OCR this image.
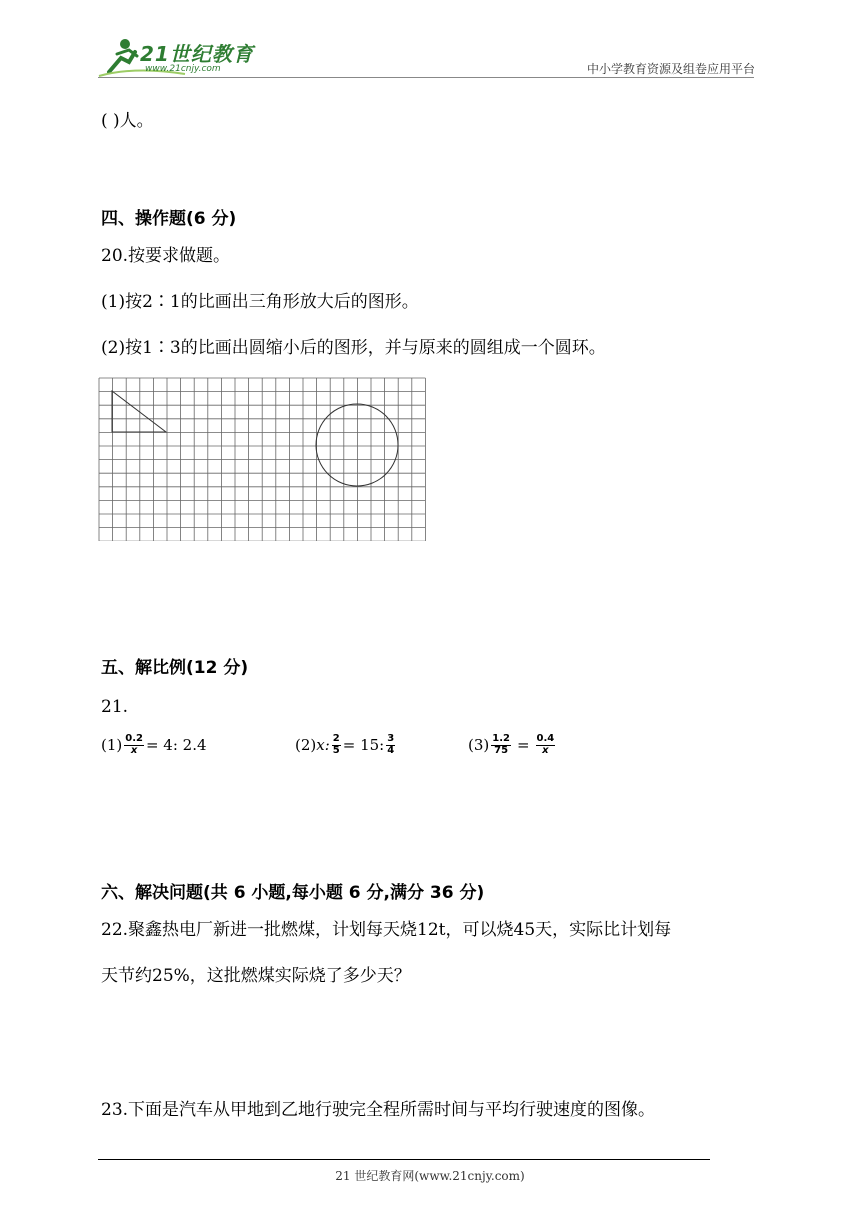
21世纪教育
www.21cnjy.com	中小学教育资源及组卷应用平台
( )人。
四、操作题(6 分)
20.按要求做题。
(1)按2∶1的比画出三角形放大后的图形。
(2)按1∶3的比画出圆缩小后的图形，并与原来的圆组成一个圆环。
五、解比例(12 分)
21.
$(1) \frac{0.2}{x} = 4$: 2.4	(2) x: $\frac{2}{5} = 15$: $\frac{3}{4}$	$(3) \frac{1.2}{75} = \frac{0.4}{x}$
六、解决问题(共 6 小题,每小题 6 分,满分 36 分)
22.聚鑫热电厂新进一批燃煤，计划每天烧12t，可以烧45天，实际比计划每
天节约25%，这批燃煤实际烧了多少天？
23.下面是汽车从甲地到乙地行驶完全程所需时间与平均行驶速度的图像。
21 世纪教育网(www.21cnjy.com)
